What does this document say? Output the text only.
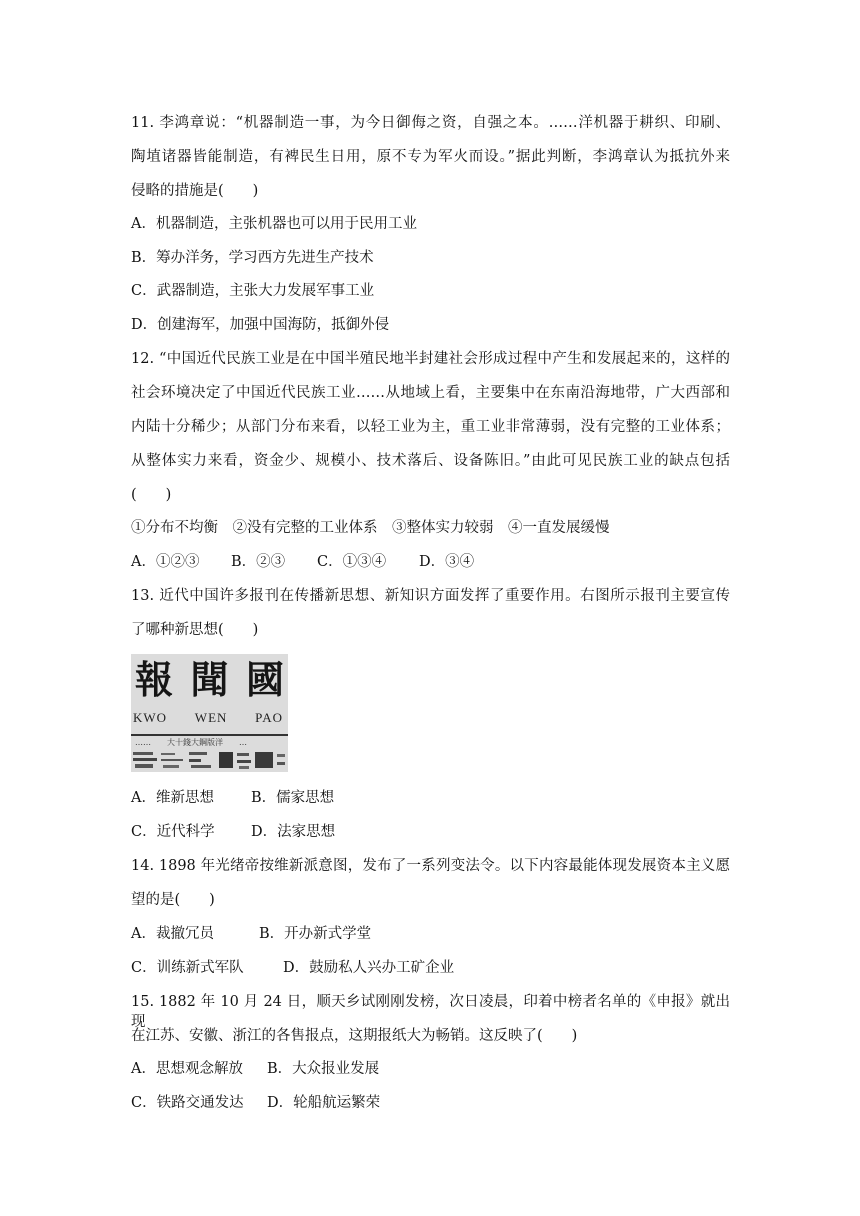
11. 李鸿章说：“机器制造一事，为今日御侮之资，自强之本。……洋机器于耕织、印刷、
陶埴诸器皆能制造，有裨民生日用，原不专为军火而设。”据此判断，李鸿章认为抵抗外来
侵略的措施是(　　)
A．机器制造，主张机器也可以用于民用工业
B．筹办洋务，学习西方先进生产技术
C．武器制造，主张大力发展军事工业
D．创建海军，加强中国海防，抵御外侵
12. “中国近代民族工业是在中国半殖民地半封建社会形成过程中产生和发展起来的，这样的
社会环境决定了中国近代民族工业……从地域上看，主要集中在东南沿海地带，广大西部和
内陆十分稀少；从部门分布来看，以轻工业为主，重工业非常薄弱，没有完整的工业体系；
从整体实力来看，资金少、规模小、技术落后、设备陈旧。”由此可见民族工业的缺点包括
(　　)
①分布不均衡　②没有完整的工业体系　③整体实力较弱　④一直发展缓慢
A．①②③ B．②③ C．①③④ D．③④
13. 近代中国许多报刊在传播新思想、新知识方面发挥了重要作用。右图所示报刊主要宣传
了哪种新思想(　　)
報 聞 國
KWO WEN PAO
……　　大十錢大鋼版洋　　…
A．维新思想	B．儒家思想
C．近代科学	D．法家思想
14. 1898 年光绪帝按维新派意图，发布了一系列变法令。以下内容最能体现发展资本主义愿
望的是(　　)
A．裁撤冗员	B．开办新式学堂
C．训练新式军队	D．鼓励私人兴办工矿企业
15. 1882 年 10 月 24 日，顺天乡试刚刚发榜，次日凌晨，印着中榜者名单的《申报》就出现
在江苏、安徽、浙江的各售报点，这期报纸大为畅销。这反映了(　　)
A．思想观念解放 B．大众报业发展
C．铁路交通发达 D．轮船航运繁荣
